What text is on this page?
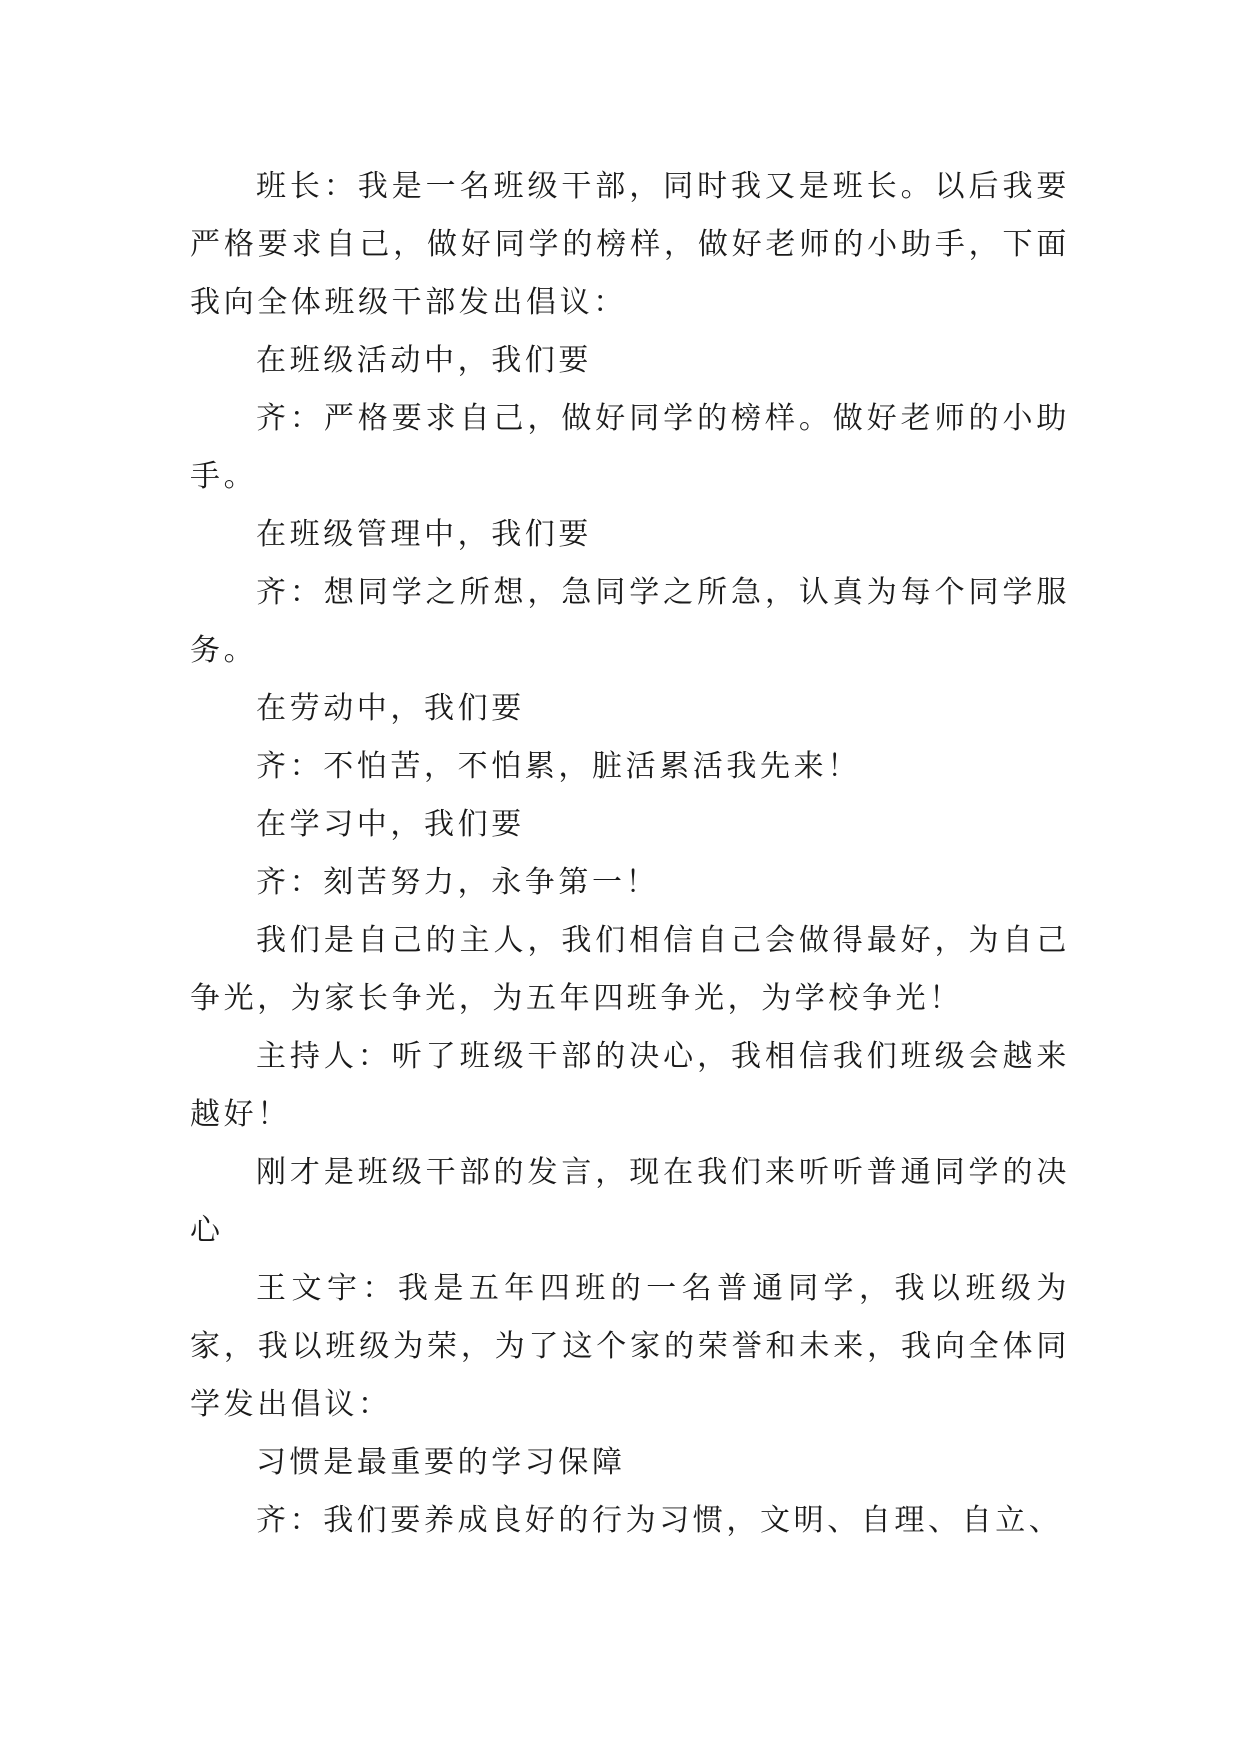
班长：我是一名班级干部，同时我又是班长。以后我要严格要求自己，做好同学的榜样，做好老师的小助手，下面我向全体班级干部发出倡议：

在班级活动中，我们要

齐：严格要求自己，做好同学的榜样。做好老师的小助手。

在班级管理中，我们要

齐：想同学之所想，急同学之所急，认真为每个同学服务。

在劳动中，我们要

齐：不怕苦，不怕累，脏活累活我先来！

在学习中，我们要

齐：刻苦努力，永争第一！

我们是自己的主人，我们相信自己会做得最好，为自己争光，为家长争光，为五年四班争光，为学校争光！

主持人：听了班级干部的决心，我相信我们班级会越来越好！

刚才是班级干部的发言，现在我们来听听普通同学的决心

王文宇：我是五年四班的一名普通同学，我以班级为家，我以班级为荣，为了这个家的荣誉和未来，我向全体同学发出倡议：

习惯是最重要的学习保障

齐：我们要养成良好的行为习惯，文明、自理、自立、
